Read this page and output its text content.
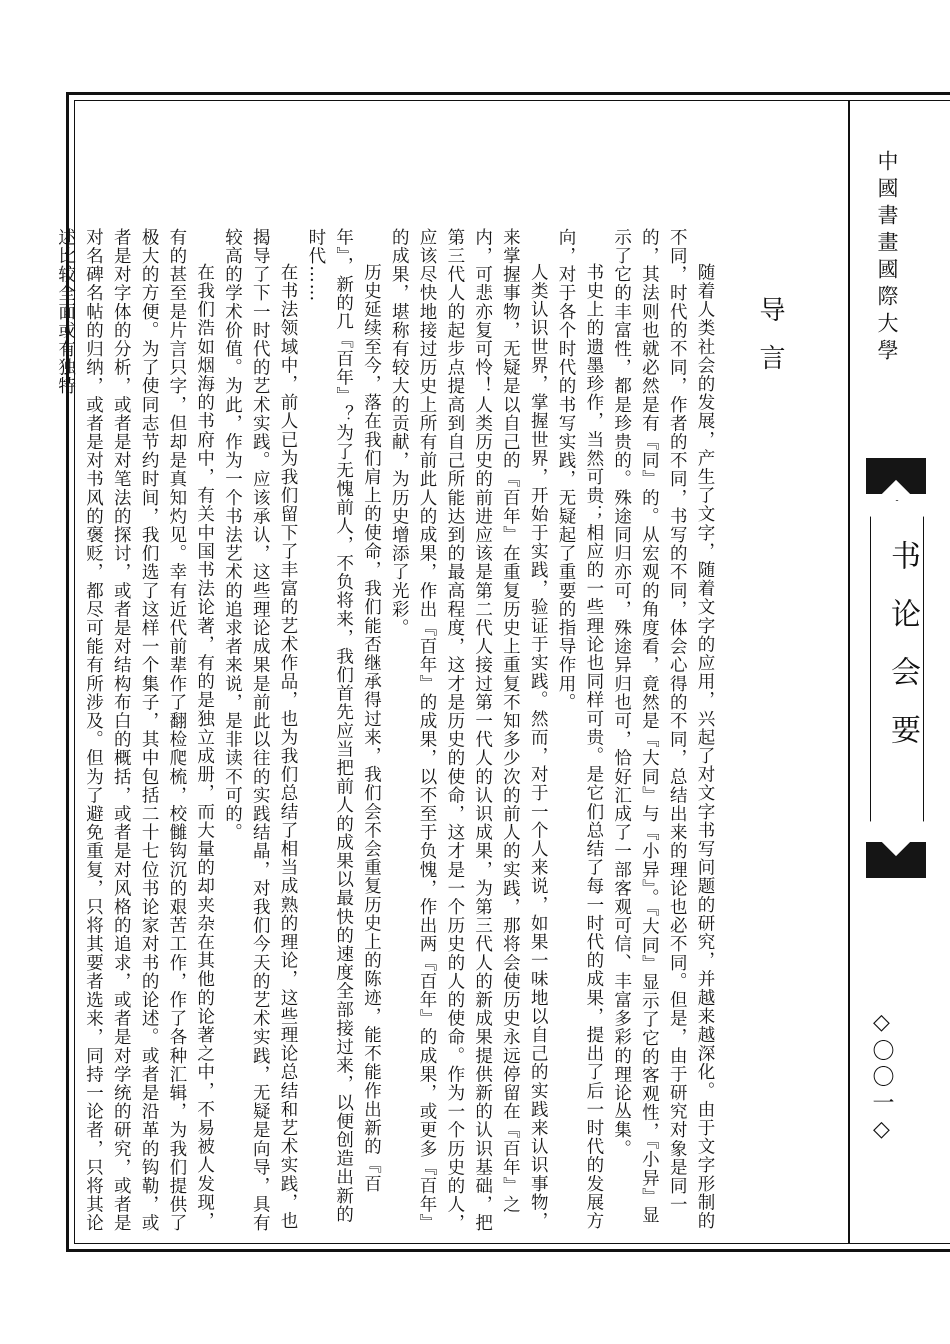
中國書畫國際大學
书论会要
◇〇〇一◇
导言

随着人类社会的发展，产生了文字，随着文字的应用，兴起了对文字书写问题的研究，并越来越深化。由于文字形制的不同，时代的不同，作者的不同，书写的不同，体会心得的不同，总结出来的理论也必不同。但是，由于研究对象是同一的，其法则也就必然是有『同』的。从宏观的角度看，竟然是『大同』与『小异』。『大同』显示了它的客观性，『小异』显示了它的丰富性，都是珍贵的。殊途同归亦可，殊途异归也可，恰好汇成了一部客观可信、丰富多彩的理论丛集。

书史上的遗墨珍作，当然可贵；相应的一些理论也同样可贵。是它们总结了每一时代的成果，提出了后一时代的发展方向，对于各个时代的书写实践，无疑起了重要的指导作用。

人类认识世界，掌握世界，开始于实践，验证于实践。然而，对于一个人来说，如果一味地以自己的实践来认识事物，来掌握事物，无疑是以自己的『百年』在重复历史上重复不知多少次的前人的实践，那将会使历史永远停留在『百年』之内，可悲亦复可怜！人类历史的前进应该是第二代人接过第一代人的认识成果，为第三代人的新成果提供新的认识基础，把第三代人的起步点提高到自己所能达到的最高程度，这才是历史的使命，这才是一个历史的人的使命。作为一个历史的人，应该尽快地接过历史上所有前此人的成果，作出『百年』的成果，以不至于负愧，作出两『百年』的成果，或更多『百年』的成果，堪称有较大的贡献，为历史增添了光彩。

历史延续至今，落在我们肩上的使命，我们能否继承得过来，我们会不会重复历史上的陈迹，能不能作出新的『百年』，新的几『百年』？为了无愧前人，不负将来，我们首先应当把前人的成果以最快的速度全部接过来，以便创造出新的时代……

在书法领域中，前人已为我们留下了丰富的艺术作品，也为我们总结了相当成熟的理论，这些理论总结和艺术实践，也揭导了下一时代的艺术实践。应该承认，这些理论成果是前此以往的实践结晶，对我们今天的艺术实践，无疑是向导，具有较高的学术价值。为此，作为一个书法艺术的追求者来说，是非读不可的。

在我们浩如烟海的书府中，有关中国书法论著，有的是独立成册，而大量的却夹杂在其他的论著之中，不易被人发现，有的甚至是片言只字，但却是真知灼见。幸有近代前辈作了翻检爬梳，校雠钩沉的艰苦工作，作了各种汇辑，为我们提供了极大的方便。为了使同志节约时间，我们选了这样一个集子，其中包括二十七位书论家对书的论述。或者是沿革的钩勒，或者是对字体的分析，或者是对笔法的探讨，或者是对结构布白的概括，或者是对风格的追求，或者是对学统的研究，或者是对名碑名帖的归纳，或者是对书风的褒贬，都尽可能有所涉及。但为了避免重复，只将其要者选来，同持一论者，只将其论述比较全面或有独特
